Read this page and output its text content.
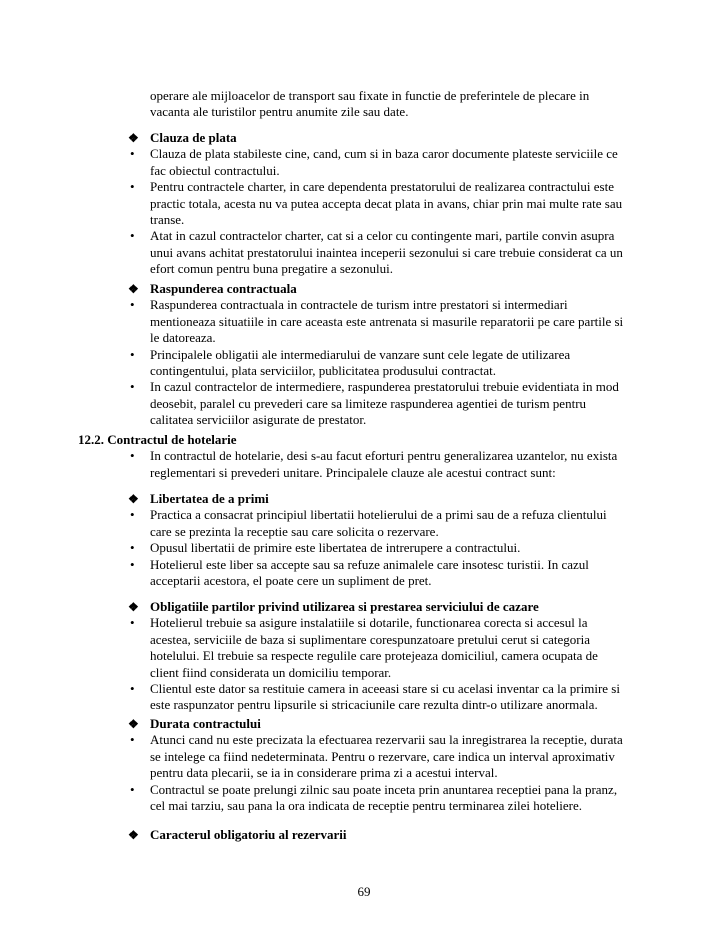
operare ale mijloacelor de transport sau fixate in functie de preferintele de plecare in
vacanta ale turistilor pentru anumite zile sau date.
❖ Clauza de plata
• Clauza de plata stabileste cine, cand, cum si in baza caror documente plateste serviciile ce fac obiectul contractului.
• Pentru contractele charter, in care dependenta prestatorului de realizarea contractului este practic totala, acesta nu va putea accepta decat plata in avans, chiar prin mai multe rate sau transe.
• Atat in cazul contractelor charter, cat si a celor cu contingente mari, partile convin asupra unui avans achitat prestatorului inaintea inceperii sezonului si care trebuie considerat ca un efort comun pentru buna pregatire a sezonului.
❖ Raspunderea contractuala
• Raspunderea contractuala in contractele de turism intre prestatori si intermediari mentioneaza situatiile in care aceasta este antrenata si masurile reparatorii pe care partile si le datoreaza.
• Principalele obligatii ale intermediarului de vanzare sunt cele legate de utilizarea contingentului, plata serviciilor, publicitatea produsului contractat.
• In cazul contractelor de intermediere, raspunderea prestatorului trebuie evidentiata in mod deosebit, paralel cu prevederi care sa limiteze raspunderea agentiei de turism pentru calitatea serviciilor asigurate de prestator.
12.2. Contractul de hotelarie
• In contractul de hotelarie, desi s-au facut eforturi pentru generalizarea uzantelor, nu exista reglementari si prevederi unitare. Principalele clauze ale acestui contract sunt:
❖ Libertatea de a primi
• Practica a consacrat principiul libertatii hotelierului de a primi sau de a refuza clientului care se prezinta la receptie sau care solicita o rezervare.
• Opusul libertatii de primire este libertatea de intrerupere a contractului.
• Hotelierul este liber sa accepte sau sa refuze animalele care insotesc turistii. In cazul acceptarii acestora, el poate cere un supliment de pret.
❖ Obligatiile partilor privind utilizarea si prestarea serviciului de cazare
• Hotelierul trebuie sa asigure instalatiile si dotarile, functionarea corecta si accesul la acestea, serviciile de baza si suplimentare corespunzatoare pretului cerut si categoria hotelului. El trebuie sa respecte regulile care protejeaza domiciliul, camera ocupata de client fiind considerata un domiciliu temporar.
• Clientul este dator sa restituie camera in aceeasi stare si cu acelasi inventar ca la primire si este raspunzator pentru lipsurile si stricaciunile care rezulta dintr-o utilizare anormala.
❖ Durata contractului
• Atunci cand nu este precizata la efectuarea rezervarii sau la inregistrarea la receptie, durata se intelege ca fiind nedeterminata. Pentru o rezervare, care indica un interval aproximativ pentru data plecarii, se ia in considerare prima zi a acestui interval.
• Contractul se poate prelungi zilnic sau poate inceta prin anuntarea receptiei pana la pranz, cel mai tarziu, sau pana la ora indicata de receptie pentru terminarea zilei hoteliere.
❖ Caracterul obligatoriu al rezervarii
69
